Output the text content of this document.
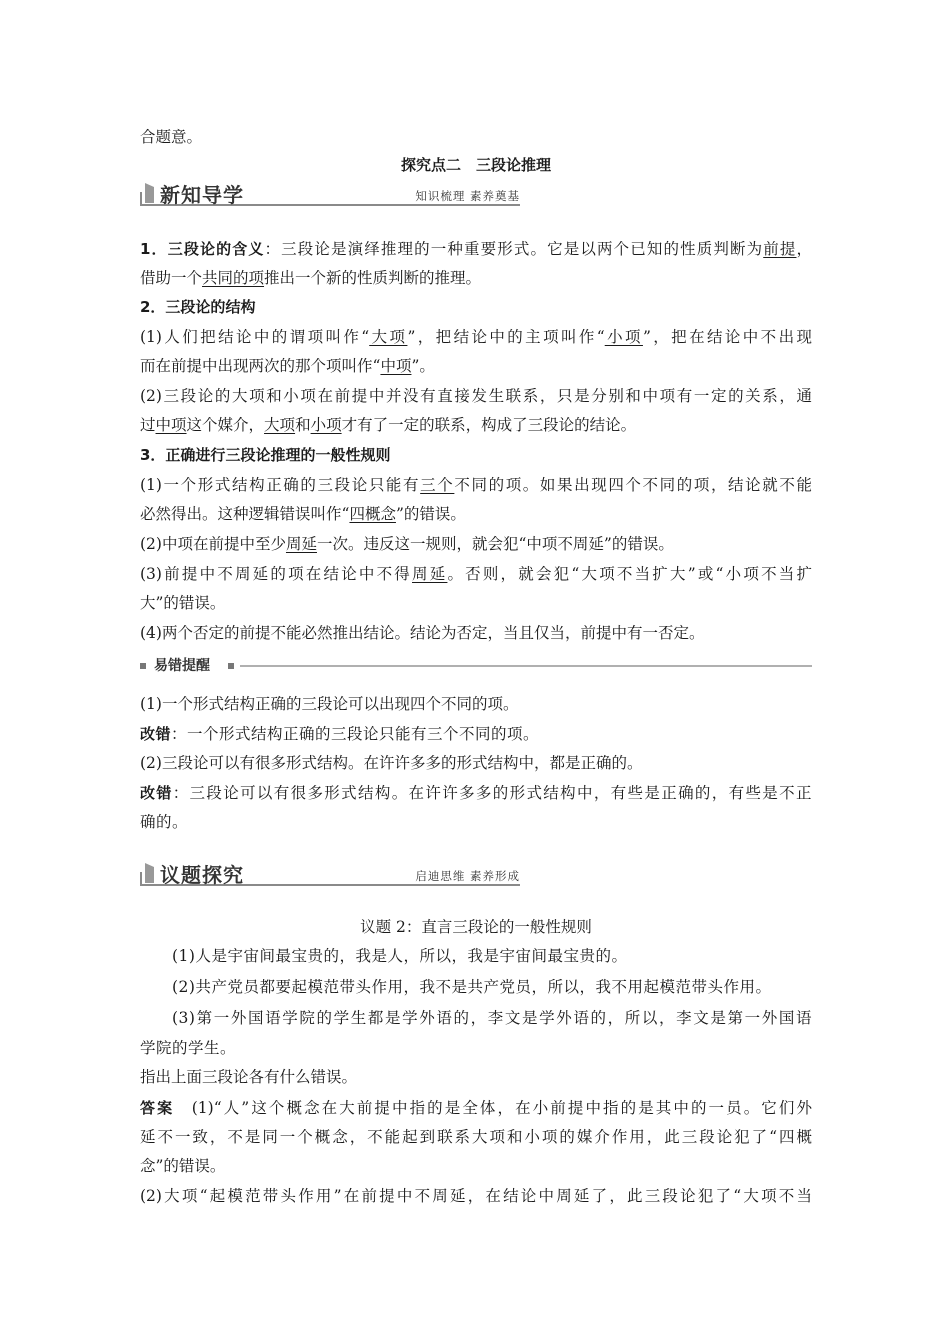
合题意。
探究点二　三段论推理
新知导学	知识梳理 素养奠基
1．三段论的含义：三段论是演绎推理的一种重要形式。它是以两个已知的性质判断为前提，
借助一个共同的项推出一个新的性质判断的推理。
2．三段论的结构
(1)人们把结论中的谓项叫作“大项”，把结论中的主项叫作“小项”，把在结论中不出现
而在前提中出现两次的那个项叫作“中项”。
(2)三段论的大项和小项在前提中并没有直接发生联系，只是分别和中项有一定的关系，通
过中项这个媒介，大项和小项才有了一定的联系，构成了三段论的结论。
3．正确进行三段论推理的一般性规则
(1)一个形式结构正确的三段论只能有三个不同的项。如果出现四个不同的项，结论就不能
必然得出。这种逻辑错误叫作“四概念”的错误。
(2)中项在前提中至少周延一次。违反这一规则，就会犯“中项不周延”的错误。
(3)前提中不周延的项在结论中不得周延。否则，就会犯“大项不当扩大”或“小项不当扩
大”的错误。
(4)两个否定的前提不能必然推出结论。结论为否定，当且仅当，前提中有一否定。
易错提醒
(1)一个形式结构正确的三段论可以出现四个不同的项。
改错：一个形式结构正确的三段论只能有三个不同的项。
(2)三段论可以有很多形式结构。在许许多多的形式结构中，都是正确的。
改错：三段论可以有很多形式结构。在许许多多的形式结构中，有些是正确的，有些是不正
确的。
议题探究	启迪思维 素养形成
议题 2：直言三段论的一般性规则
(1)人是宇宙间最宝贵的，我是人，所以，我是宇宙间最宝贵的。
(2)共产党员都要起模范带头作用，我不是共产党员，所以，我不用起模范带头作用。
(3)第一外国语学院的学生都是学外语的，李文是学外语的，所以，李文是第一外国语
学院的学生。
指出上面三段论各有什么错误。
答案　(1)“人”这个概念在大前提中指的是全体，在小前提中指的是其中的一员。它们外
延不一致，不是同一个概念，不能起到联系大项和小项的媒介作用，此三段论犯了“四概
念”的错误。
(2)大项“起模范带头作用”在前提中不周延，在结论中周延了，此三段论犯了“大项不当
